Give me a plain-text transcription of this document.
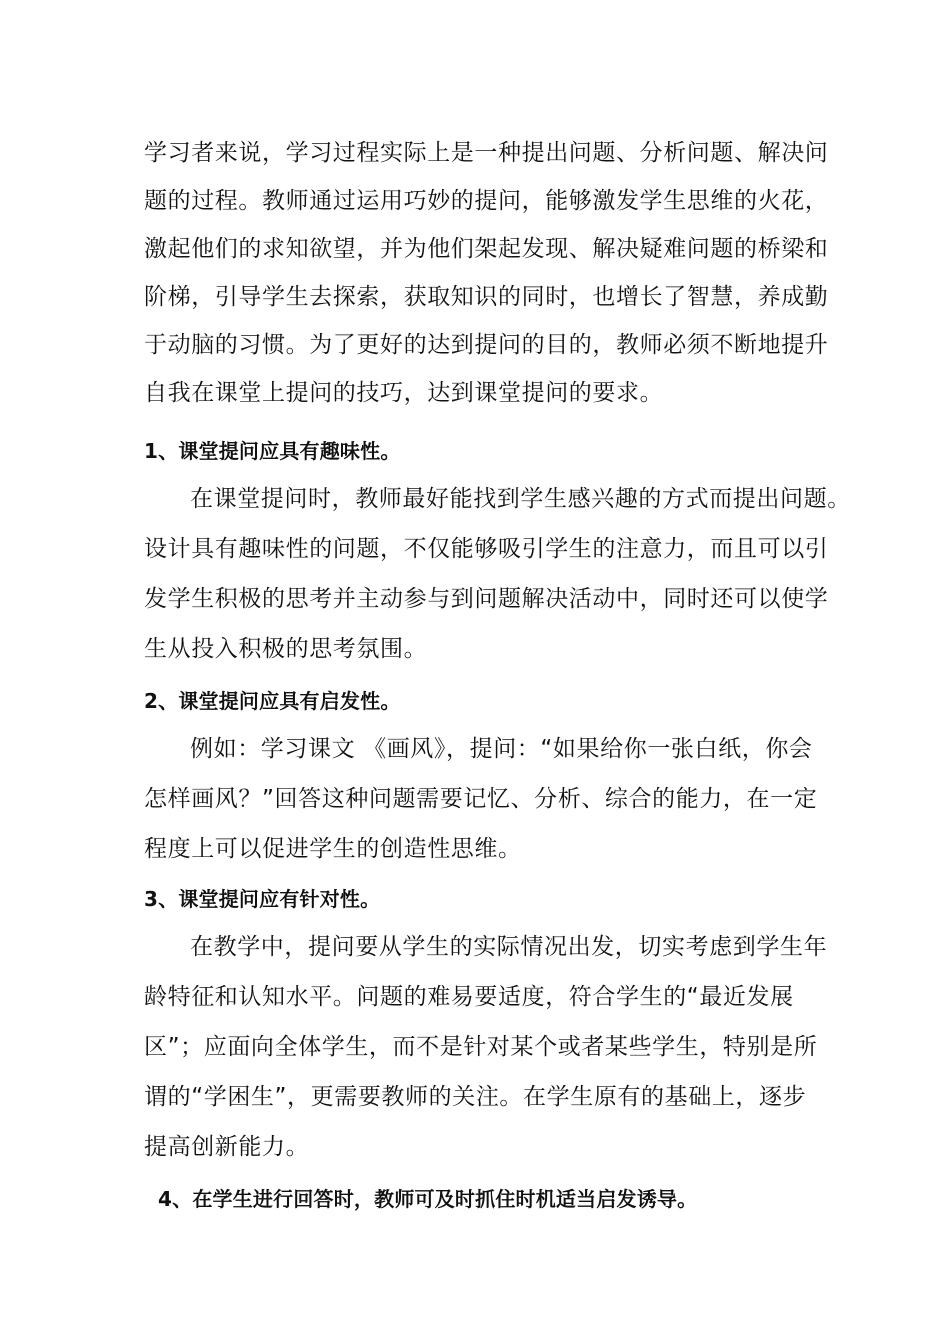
学习者来说，学习过程实际上是一种提出问题、分析问题、解决问
题的过程。教师通过运用巧妙的提问，能够激发学生思维的火花，
激起他们的求知欲望，并为他们架起发现、解决疑难问题的桥梁和
阶梯，引导学生去探索，获取知识的同时，也增长了智慧，养成勤
于动脑的习惯。为了更好的达到提问的目的，教师必须不断地提升
自我在课堂上提问的技巧，达到课堂提问的要求。
1、课堂提问应具有趣味性。
在课堂提问时，教师最好能找到学生感兴趣的方式而提出问题。
设计具有趣味性的问题，不仅能够吸引学生的注意力，而且可以引
发学生积极的思考并主动参与到问题解决活动中，同时还可以使学
生从投入积极的思考氛围。
2、课堂提问应具有启发性。
例如：学习课文 《画风》，提问：“如果给你一张白纸，你会
怎样画风？”回答这种问题需要记忆、分析、综合的能力，在一定
程度上可以促进学生的创造性思维。
3、课堂提问应有针对性。
在教学中，提问要从学生的实际情况出发，切实考虑到学生年
龄特征和认知水平。问题的难易要适度，符合学生的“最近发展
区”；应面向全体学生，而不是针对某个或者某些学生，特别是所
谓的“学困生”，更需要教师的关注。在学生原有的基础上，逐步
提高创新能力。
4、在学生进行回答时，教师可及时抓住时机适当启发诱导。
